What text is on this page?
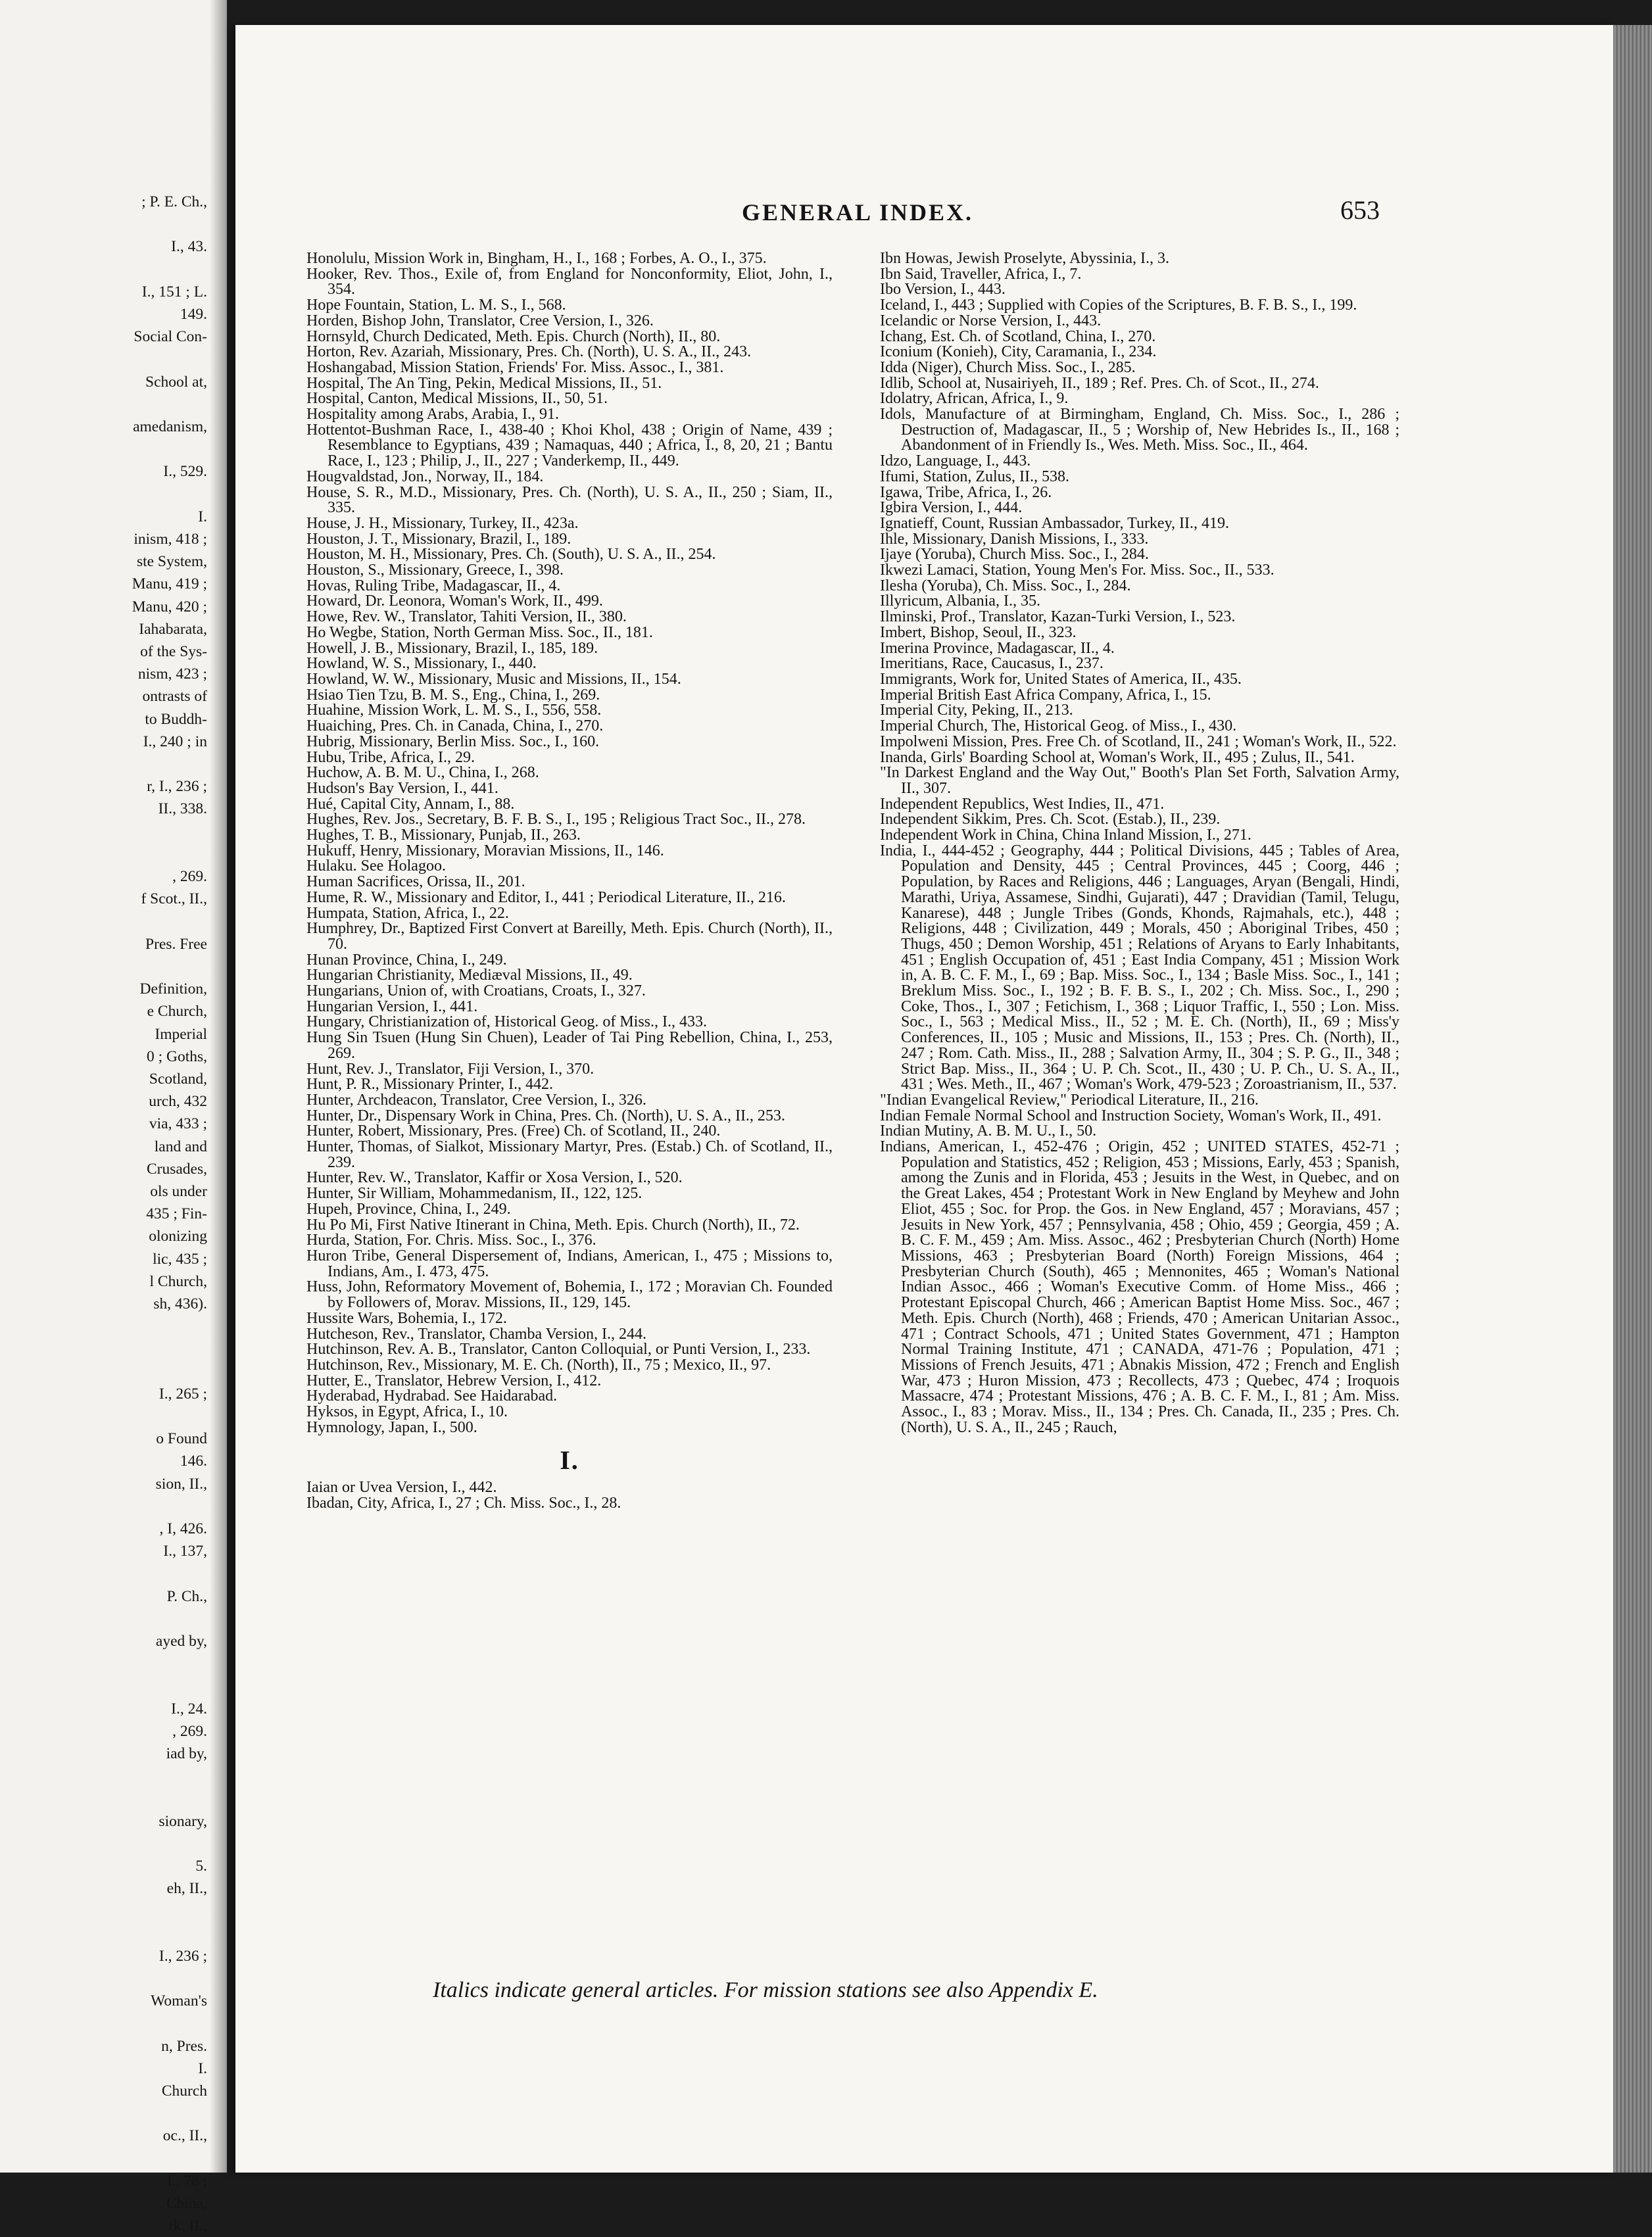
; P. E. Ch.,

I., 43.

I., 151 ; L.
149.
Social Con-

School at,

amedanism,

I., 529.

I.
inism, 418 ;
ste System,
Manu, 419 ;
Manu, 420 ;
Iahabarata,
of the Sys-
nism, 423 ;
ontrasts of
to Buddh-
I., 240 ; in

r, I., 236 ;
II., 338.

, 269.
f Scot., II.,

Pres. Free

Definition,
e Church,
Imperial
0 ; Goths,
Scotland,
urch, 432
via, 433 ;
land and
Crusades,
ols under
435 ; Fin-
olonizing
lic, 435 ;
l Church,
sh, 436).

I., 265 ;

o Found
146.
sion, II.,

, I, 426.
I., 137,

P. Ch.,

ayed by,

I., 24.
, 269.
iad by,

sionary,

5.
eh, II.,

I., 236 ;

Woman's

n, Pres.
I.
Church

oc., II.,

I., 78 ;
China,
rk, II.,
GENERAL INDEX.	653

Honolulu, Mission Work in, Bingham, H., I., 168 ; Forbes, A. O., I., 375.

Hooker, Rev. Thos., Exile of, from England for Nonconformity, Eliot, John, I., 354.

Hope Fountain, Station, L. M. S., I., 568.

Horden, Bishop John, Translator, Cree Version, I., 326.

Hornsyld, Church Dedicated, Meth. Epis. Church (North), II., 80.

Horton, Rev. Azariah, Missionary, Pres. Ch. (North), U. S. A., II., 243.

Hoshangabad, Mission Station, Friends' For. Miss. Assoc., I., 381.

Hospital, The An Ting, Pekin, Medical Missions, II., 51.

Hospital, Canton, Medical Missions, II., 50, 51.

Hospitality among Arabs, Arabia, I., 91.

Hottentot-Bushman Race, I., 438-40 ; Khoi Khol, 438 ; Origin of Name, 439 ; Resemblance to Egyptians, 439 ; Namaquas, 440 ; Africa, I., 8, 20, 21 ; Bantu Race, I., 123 ; Philip, J., II., 227 ; Vanderkemp, II., 449.

Hougvaldstad, Jon., Norway, II., 184.

House, S. R., M.D., Missionary, Pres. Ch. (North), U. S. A., II., 250 ; Siam, II., 335.

House, J. H., Missionary, Turkey, II., 423a.

Houston, J. T., Missionary, Brazil, I., 189.

Houston, M. H., Missionary, Pres. Ch. (South), U. S. A., II., 254.

Houston, S., Missionary, Greece, I., 398.

Hovas, Ruling Tribe, Madagascar, II., 4.

Howard, Dr. Leonora, Woman's Work, II., 499.

Howe, Rev. W., Translator, Tahiti Version, II., 380.

Ho Wegbe, Station, North German Miss. Soc., II., 181.

Howell, J. B., Missionary, Brazil, I., 185, 189.

Howland, W. S., Missionary, I., 440.

Howland, W. W., Missionary, Music and Missions, II., 154.

Hsiao Tien Tzu, B. M. S., Eng., China, I., 269.

Huahine, Mission Work, L. M. S., I., 556, 558.

Huaiching, Pres. Ch. in Canada, China, I., 270.

Hubrig, Missionary, Berlin Miss. Soc., I., 160.

Hubu, Tribe, Africa, I., 29.

Huchow, A. B. M. U., China, I., 268.

Hudson's Bay Version, I., 441.

Hué, Capital City, Annam, I., 88.

Hughes, Rev. Jos., Secretary, B. F. B. S., I., 195 ; Religious Tract Soc., II., 278.

Hughes, T. B., Missionary, Punjab, II., 263.

Hukuff, Henry, Missionary, Moravian Missions, II., 146.

Hulaku. See Holagoo.

Human Sacrifices, Orissa, II., 201.

Hume, R. W., Missionary and Editor, I., 441 ; Periodical Literature, II., 216.

Humpata, Station, Africa, I., 22.

Humphrey, Dr., Baptized First Convert at Bareilly, Meth. Epis. Church (North), II., 70.

Hunan Province, China, I., 249.

Hungarian Christianity, Mediæval Missions, II., 49.

Hungarians, Union of, with Croatians, Croats, I., 327.

Hungarian Version, I., 441.

Hungary, Christianization of, Historical Geog. of Miss., I., 433.

Hung Sin Tsuen (Hung Sin Chuen), Leader of Tai Ping Rebellion, China, I., 253, 269.

Hunt, Rev. J., Translator, Fiji Version, I., 370.

Hunt, P. R., Missionary Printer, I., 442.

Hunter, Archdeacon, Translator, Cree Version, I., 326.

Hunter, Dr., Dispensary Work in China, Pres. Ch. (North), U. S. A., II., 253.

Hunter, Robert, Missionary, Pres. (Free) Ch. of Scotland, II., 240.

Hunter, Thomas, of Sialkot, Missionary Martyr, Pres. (Estab.) Ch. of Scotland, II., 239.

Hunter, Rev. W., Translator, Kaffir or Xosa Version, I., 520.

Hunter, Sir William, Mohammedanism, II., 122, 125.

Hupeh, Province, China, I., 249.

Hu Po Mi, First Native Itinerant in China, Meth. Epis. Church (North), II., 72.

Hurda, Station, For. Chris. Miss. Soc., I., 376.

Huron Tribe, General Dispersement of, Indians, American, I., 475 ; Missions to, Indians, Am., I. 473, 475.

Huss, John, Reformatory Movement of, Bohemia, I., 172 ; Moravian Ch. Founded by Followers of, Morav. Missions, II., 129, 145.

Hussite Wars, Bohemia, I., 172.

Hutcheson, Rev., Translator, Chamba Version, I., 244.

Hutchinson, Rev. A. B., Translator, Canton Colloquial, or Punti Version, I., 233.

Hutchinson, Rev., Missionary, M. E. Ch. (North), II., 75 ; Mexico, II., 97.

Hutter, E., Translator, Hebrew Version, I., 412.

Hyderabad, Hydrabad. See Haidarabad.

Hyksos, in Egypt, Africa, I., 10.

Hymnology, Japan, I., 500.

I.

Iaian or Uvea Version, I., 442.

Ibadan, City, Africa, I., 27 ; Ch. Miss. Soc., I., 28.

Ibn Howas, Jewish Proselyte, Abyssinia, I., 3.

Ibn Said, Traveller, Africa, I., 7.

Ibo Version, I., 443.

Iceland, I., 443 ; Supplied with Copies of the Scriptures, B. F. B. S., I., 199.

Icelandic or Norse Version, I., 443.

Ichang, Est. Ch. of Scotland, China, I., 270.

Iconium (Konieh), City, Caramania, I., 234.

Idda (Niger), Church Miss. Soc., I., 285.

Idlib, School at, Nusairiyeh, II., 189 ; Ref. Pres. Ch. of Scot., II., 274.

Idolatry, African, Africa, I., 9.

Idols, Manufacture of at Birmingham, England, Ch. Miss. Soc., I., 286 ; Destruction of, Madagascar, II., 5 ; Worship of, New Hebrides Is., II., 168 ; Abandonment of in Friendly Is., Wes. Meth. Miss. Soc., II., 464.

Idzo, Language, I., 443.

Ifumi, Station, Zulus, II., 538.

Igawa, Tribe, Africa, I., 26.

Igbira Version, I., 444.

Ignatieff, Count, Russian Ambassador, Turkey, II., 419.

Ihle, Missionary, Danish Missions, I., 333.

Ijaye (Yoruba), Church Miss. Soc., I., 284.

Ikwezi Lamaci, Station, Young Men's For. Miss. Soc., II., 533.

Ilesha (Yoruba), Ch. Miss. Soc., I., 284.

Illyricum, Albania, I., 35.

Ilminski, Prof., Translator, Kazan-Turki Version, I., 523.

Imbert, Bishop, Seoul, II., 323.

Imerina Province, Madagascar, II., 4.

Imeritians, Race, Caucasus, I., 237.

Immigrants, Work for, United States of America, II., 435.

Imperial British East Africa Company, Africa, I., 15.

Imperial City, Peking, II., 213.

Imperial Church, The, Historical Geog. of Miss., I., 430.

Impolweni Mission, Pres. Free Ch. of Scotland, II., 241 ; Woman's Work, II., 522.

Inanda, Girls' Boarding School at, Woman's Work, II., 495 ; Zulus, II., 541.

"In Darkest England and the Way Out," Booth's Plan Set Forth, Salvation Army, II., 307.

Independent Republics, West Indies, II., 471.

Independent Sikkim, Pres. Ch. Scot. (Estab.), II., 239.

Independent Work in China, China Inland Mission, I., 271.

India, I., 444-452 ; Geography, 444 ; Political Divisions, 445 ; Tables of Area, Population and Density, 445 ; Central Provinces, 445 ; Coorg, 446 ; Population, by Races and Religions, 446 ; Languages, Aryan (Bengali, Hindi, Marathi, Uriya, Assamese, Sindhi, Gujarati), 447 ; Dravidian (Tamil, Telugu, Kanarese), 448 ; Jungle Tribes (Gonds, Khonds, Rajmahals, etc.), 448 ; Religions, 448 ; Civilization, 449 ; Morals, 450 ; Aboriginal Tribes, 450 ; Thugs, 450 ; Demon Worship, 451 ; Relations of Aryans to Early Inhabitants, 451 ; English Occupation of, 451 ; East India Company, 451 ; Mission Work in, A. B. C. F. M., I., 69 ; Bap. Miss. Soc., I., 134 ; Basle Miss. Soc., I., 141 ; Breklum Miss. Soc., I., 192 ; B. F. B. S., I., 202 ; Ch. Miss. Soc., I., 290 ; Coke, Thos., I., 307 ; Fetichism, I., 368 ; Liquor Traffic, I., 550 ; Lon. Miss. Soc., I., 563 ; Medical Miss., II., 52 ; M. E. Ch. (North), II., 69 ; Miss'y Conferences, II., 105 ; Music and Missions, II., 153 ; Pres. Ch. (North), II., 247 ; Rom. Cath. Miss., II., 288 ; Salvation Army, II., 304 ; S. P. G., II., 348 ; Strict Bap. Miss., II., 364 ; U. P. Ch. Scot., II., 430 ; U. P. Ch., U. S. A., II., 431 ; Wes. Meth., II., 467 ; Woman's Work, 479-523 ; Zoroastrianism, II., 537.

"Indian Evangelical Review," Periodical Literature, II., 216.

Indian Female Normal School and Instruction Society, Woman's Work, II., 491.

Indian Mutiny, A. B. M. U., I., 50.

Indians, American, I., 452-476 ; Origin, 452 ; UNITED STATES, 452-71 ; Population and Statistics, 452 ; Religion, 453 ; Missions, Early, 453 ; Spanish, among the Zunis and in Florida, 453 ; Jesuits in the West, in Quebec, and on the Great Lakes, 454 ; Protestant Work in New England by Meyhew and John Eliot, 455 ; Soc. for Prop. the Gos. in New England, 457 ; Moravians, 457 ; Jesuits in New York, 457 ; Pennsylvania, 458 ; Ohio, 459 ; Georgia, 459 ; A. B. C. F. M., 459 ; Am. Miss. Assoc., 462 ; Presbyterian Church (North) Home Missions, 463 ; Presbyterian Board (North) Foreign Missions, 464 ; Presbyterian Church (South), 465 ; Mennonites, 465 ; Woman's National Indian Assoc., 466 ; Woman's Executive Comm. of Home Miss., 466 ; Protestant Episcopal Church, 466 ; American Baptist Home Miss. Soc., 467 ; Meth. Epis. Church (North), 468 ; Friends, 470 ; American Unitarian Assoc., 471 ; Contract Schools, 471 ; United States Government, 471 ; Hampton Normal Training Institute, 471 ; CANADA, 471-76 ; Population, 471 ; Missions of French Jesuits, 471 ; Abnakis Mission, 472 ; French and English War, 473 ; Huron Mission, 473 ; Recollects, 473 ; Quebec, 474 ; Iroquois Massacre, 474 ; Protestant Missions, 476 ; A. B. C. F. M., I., 81 ; Am. Miss. Assoc., I., 83 ; Morav. Miss., II., 134 ; Pres. Ch. Canada, II., 235 ; Pres. Ch. (North), U. S. A., II., 245 ; Rauch,

Italics indicate general articles. For mission stations see also Appendix E.
